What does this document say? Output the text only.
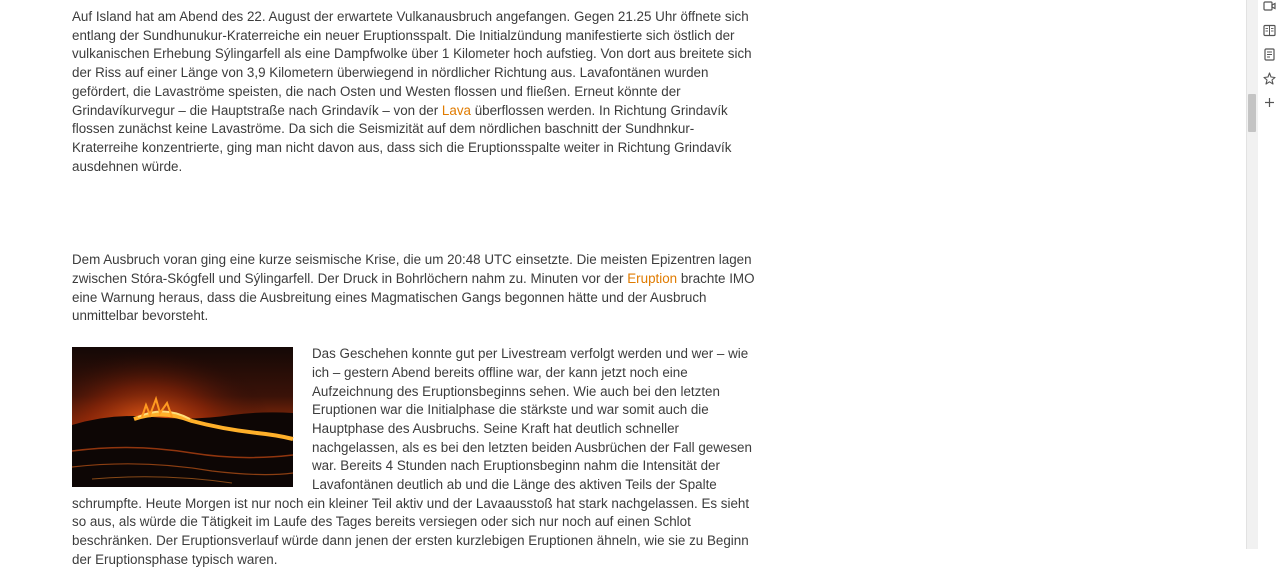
Auf Island hat am Abend des 22. August der erwartete Vulkanausbruch angefangen. Gegen 21.25 Uhr öffnete sich entlang der Sundhunukur-Kraterreiche ein neuer Eruptionsspalt. Die Initialzündung manifestierte sich östlich der vulkanischen Erhebung Sýlingarfell als eine Dampfwolke über 1 Kilometer hoch aufstieg. Von dort aus breitete sich der Riss auf einer Länge von 3,9 Kilometern überwiegend in nördlicher Richtung aus. Lavafontänen wurden gefördert, die Lavaströme speisten, die nach Osten und Westen flossen und fließen. Erneut könnte der Grindavíkurvegur – die Hauptstraße nach Grindavík – von der Lava überflossen werden. In Richtung Grindavík flossen zunächst keine Lavaströme. Da sich die Seismizität auf dem nördlichen baschnitt der Sundhnkur-Kraterreihe konzentrierte, ging man nicht davon aus, dass sich die Eruptionsspalte weiter in Richtung Grindavík ausdehnen würde.

Dem Ausbruch voran ging eine kurze seismische Krise, die um 20:48 UTC einsetzte. Die meisten Epizentren lagen zwischen Stóra-Skógfell und Sýlingarfell. Der Druck in Bohrlöchern nahm zu. Minuten vor der Eruption brachte IMO eine Warnung heraus, dass die Ausbreitung eines Magmatischen Gangs begonnen hätte und der Ausbruch unmittelbar bevorsteht.

Das Geschehen konnte gut per Livestream verfolgt werden und wer – wie ich – gestern Abend bereits offline war, der kann jetzt noch eine Aufzeichnung des Eruptionsbeginns sehen. Wie auch bei den letzten Eruptionen war die Initialphase die stärkste und war somit auch die Hauptphase des Ausbruchs. Seine Kraft hat deutlich schneller nachgelassen, als es bei den letzten beiden Ausbrüchen der Fall gewesen war. Bereits 4 Stunden nach Eruptionsbeginn nahm die Intensität der Lavafontänen deutlich ab und die Länge des aktiven Teils der Spalte schrumpfte. Heute Morgen ist nur noch ein kleiner Teil aktiv und der Lavaausstoß hat stark nachgelassen. Es sieht so aus, als würde die Tätigkeit im Laufe des Tages bereits versiegen oder sich nur noch auf einen Schlot beschränken. Der Eruptionsverlauf würde dann jenen der ersten kurzlebigen Eruptionen ähneln, wie sie zu Beginn der Eruptionsphase typisch waren.
